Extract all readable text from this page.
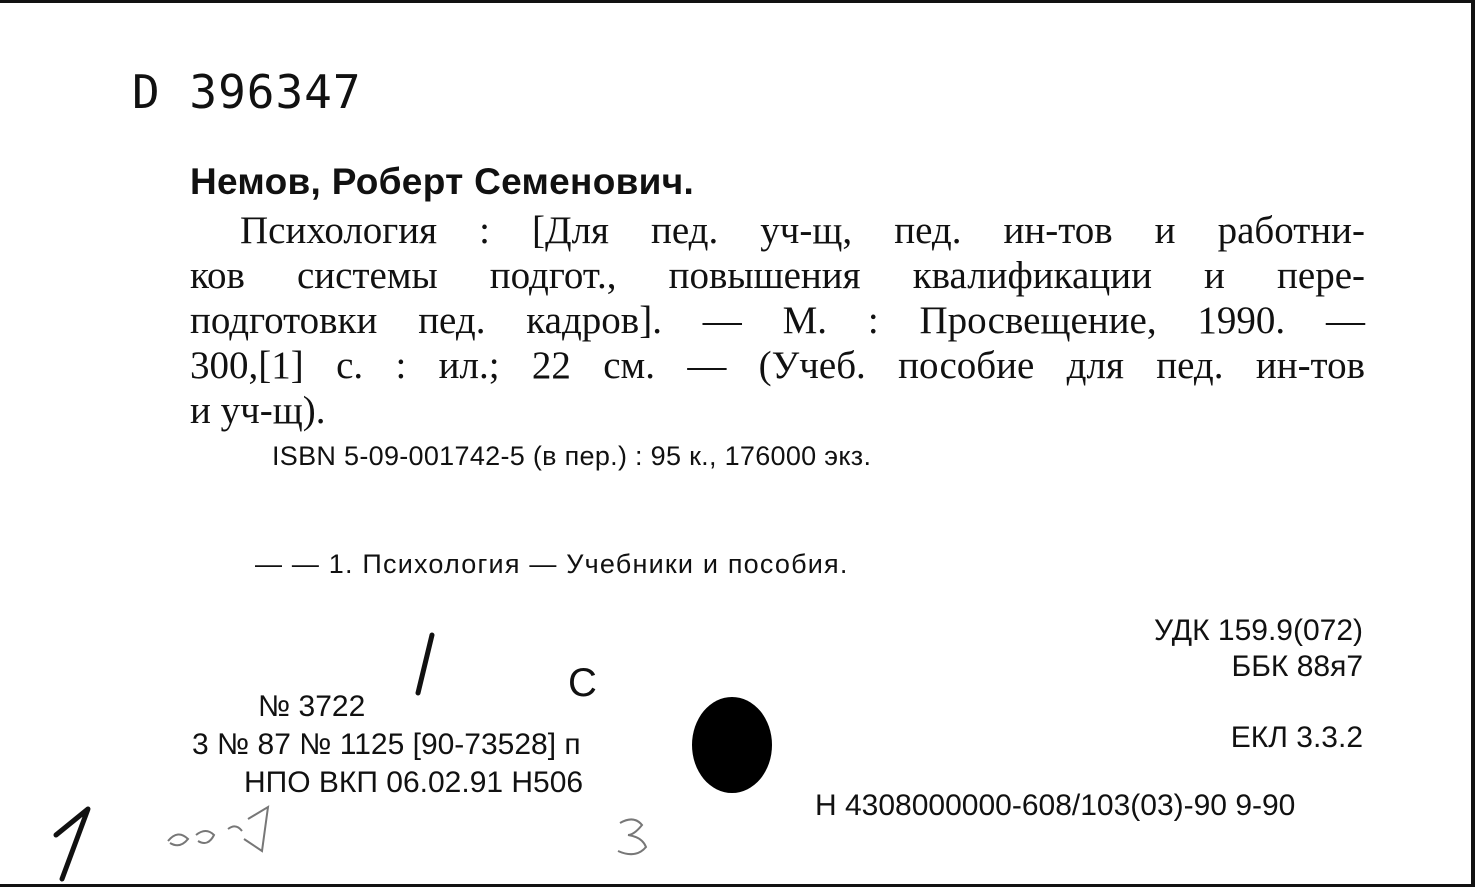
D 396347
Немов, Роберт Семенович.
Психология : [Для пед. уч-щ, пед. ин-тов и работни-
ков системы подгот., повышения квалификации и пере-
подготовки пед. кадров]. — М. : Просвещение, 1990. —
300,[1] с. : ил.; 22 см. — (Учеб. пособие для пед. ин-тов
и уч-щ).
ISBN 5-09-001742-5 (в пер.) : 95 к., 176000 экз.
— — 1. Психология — Учебники и пособия.
УДК 159.9(072)
ББК 88я7
ЕКЛ 3.3.2
Н 4308000000-608/103(03)-90 9-90
С
№ 3722
3 № 87 № 1125 [90-73528] п
НПО ВКП 06.02.91 Н506
